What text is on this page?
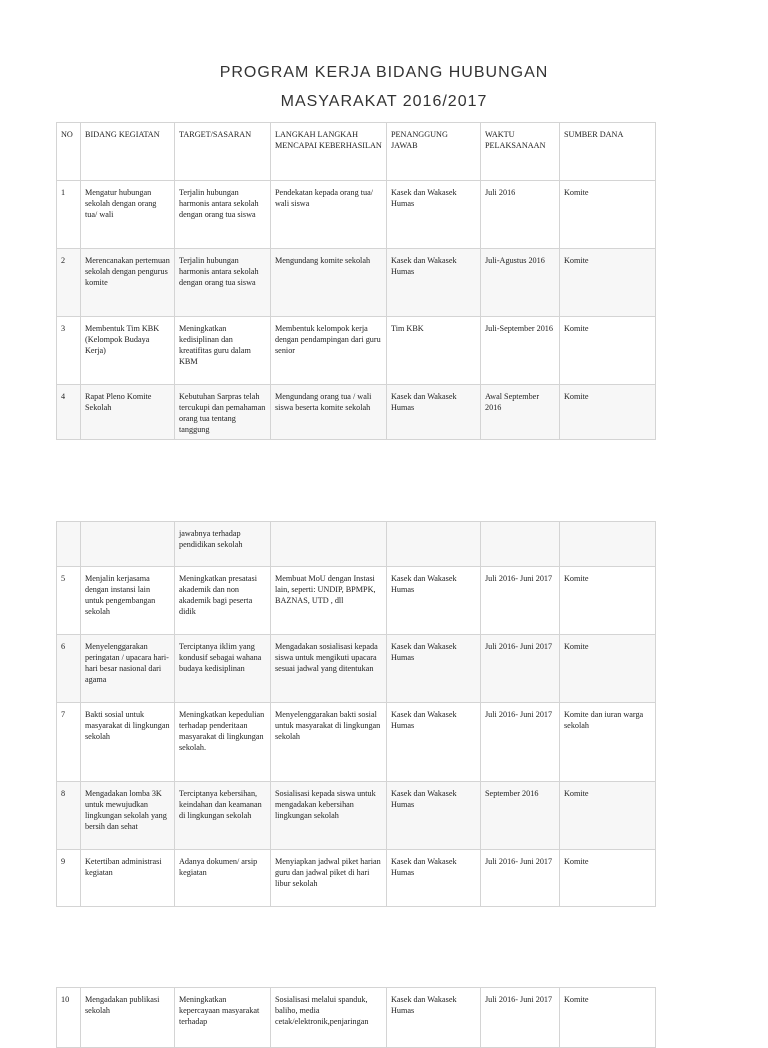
PROGRAM KERJA BIDANG HUBUNGAN
MASYARAKAT 2016/2017
NO	BIDANG KEGIATAN	TARGET/SASARAN	LANGKAH LANGKAH MENCAPAI KEBERHASILAN	PENANGGUNG JAWAB	WAKTU PELAKSANAAN	SUMBER DANA
1	Mengatur hubungan sekolah dengan orang tua/ wali	Terjalin hubungan harmonis antara sekolah dengan orang tua siswa	Pendekatan kepada orang tua/ wali siswa	Kasek dan Wakasek Humas	Juli 2016	Komite
2	Merencanakan pertemuan sekolah dengan pengurus komite	Terjalin hubungan harmonis antara sekolah dengan orang tua siswa	Mengundang komite sekolah	Kasek dan Wakasek Humas	Juli-Agustus 2016	Komite
3	Membentuk Tim KBK (Kelompok Budaya Kerja)	Meningkatkan kedisiplinan dan kreatifitas guru dalam KBM	Membentuk kelompok kerja dengan pendampingan dari guru senior	Tim KBK	Juli-September 2016	Komite
4	Rapat Pleno Komite Sekolah	Kebutuhan Sarpras telah tercukupi dan pemahaman orang tua tentang tanggung	Mengundang orang tua / wali siswa beserta komite sekolah	Kasek dan Wakasek Humas	Awal September 2016	Komite
		jawabnya terhadap pendidikan sekolah				
5	Menjalin kerjasama dengan instansi lain untuk pengembangan sekolah	Meningkatkan presatasi akademik dan non akademik bagi peserta didik	Membuat MoU dengan Instasi lain, seperti: UNDIP, BPMPK, BAZNAS, UTD , dll	Kasek dan Wakasek Humas	Juli 2016- Juni 2017	Komite
6	Menyelenggarakan peringatan / upacara hari-hari besar nasional dari agama	Terciptanya iklim yang kondusif sebagai wahana budaya kedisiplinan	Mengadakan sosialisasi kepada siswa untuk mengikuti upacara sesuai jadwal yang ditentukan	Kasek dan Wakasek Humas	Juli 2016- Juni 2017	Komite
7	Bakti sosial untuk masyarakat di lingkungan sekolah	Meningkatkan kepedulian terhadap penderitaan masyarakat di lingkungan sekolah.	Menyelenggarakan bakti sosial untuk masyarakat di lingkungan sekolah	Kasek dan Wakasek Humas	Juli 2016- Juni 2017	Komite dan iuran warga sekolah
8	Mengadakan lomba 3K untuk mewujudkan lingkungan sekolah yang bersih dan sehat	Terciptanya kebersihan, keindahan dan keamanan di lingkungan sekolah	Sosialisasi kepada siswa untuk mengadakan kebersihan lingkungan sekolah	Kasek dan Wakasek Humas	September 2016	Komite
9	Ketertiban administrasi kegiatan	Adanya dokumen/ arsip kegiatan	Menyiapkan jadwal piket harian guru dan jadwal piket di hari libur sekolah	Kasek dan Wakasek Humas	Juli 2016- Juni 2017	Komite
10	Mengadakan publikasi sekolah	Meningkatkan kepercayaan masyarakat terhadap	Sosialisasi melalui spanduk, baliho, media cetak/elektronik,penjaringan	Kasek dan Wakasek Humas	Juli 2016- Juni 2017	Komite
